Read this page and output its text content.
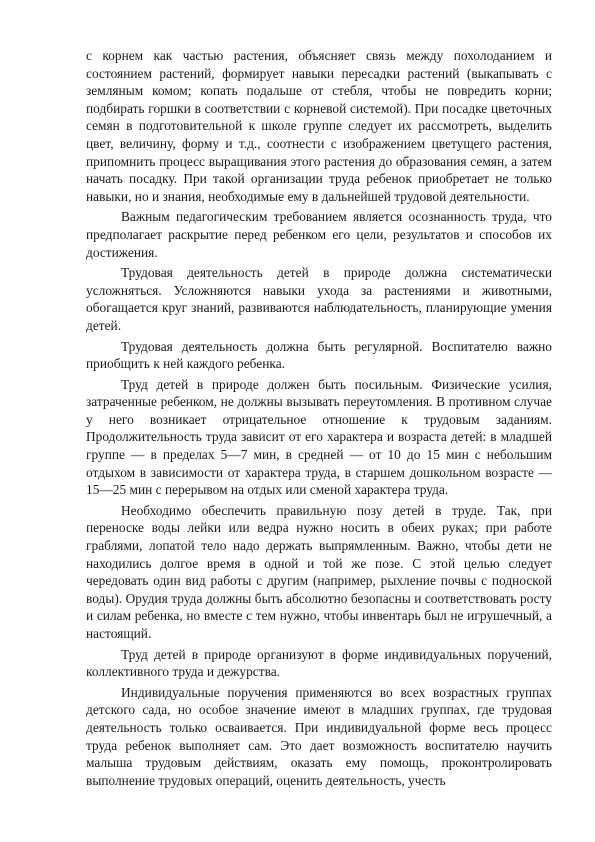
с корнем как частью растения, объясняет связь между похолоданием и состоянием растений, формирует навыки пересадки растений (выкапывать с земляным комом; копать подальше от стебля, чтобы не повредить корни; подбирать горшки в соответствии с корневой системой). При посадке цветочных семян в подготовительной к школе группе следует их рассмотреть, выделить цвет, величину, форму и т.д., соотнести с изображением цветущего растения, припомнить процесс выращивания этого растения до образования семян, а затем начать посадку. При такой организации труда ребенок приобретает не только навыки, но и знания, необходимые ему в дальнейшей трудовой деятельности.

Важным педагогическим требованием является осознанность труда, что предполагает раскрытие перед ребенком его цели, результатов и способов их достижения.

Трудовая деятельность детей в природе должна систематически усложняться. Усложняются навыки ухода за растениями и животными, обогащается круг знаний, развиваются наблюдательность, планирующие умения детей.

Трудовая деятельность должна быть регулярной. Воспитателю важно приобщить к ней каждого ребенка.

Труд детей в природе должен быть посильным. Физические усилия, затраченные ребенком, не должны вызывать переутомления. В противном случае у него возникает отрицательное отношение к трудовым заданиям. Продолжительность труда зависит от его характера и возраста детей: в младшей группе — в пределах 5—7 мин, в средней — от 10 до 15 мин с небольшим отдыхом в зависимости от характера труда, в старшем дошкольном возрасте — 15—25 мин с перерывом на отдых или сменой характера труда.

Необходимо обеспечить правильную позу детей в труде. Так, при переноске воды лейки или ведра нужно носить в обеих руках; при работе граблями, лопатой тело надо держать выпрямленным. Важно, чтобы дети не находились долгое время в одной и той же позе. С этой целью следует чередовать один вид работы с другим (например, рыхление почвы с подноской воды). Орудия труда должны быть абсолютно безопасны и соответствовать росту и силам ребенка, но вместе с тем нужно, чтобы инвентарь был не игрушечный, а настоящий.

Труд детей в природе организуют в форме индивидуальных поручений, коллективного труда и дежурства.

Индивидуальные поручения применяются во всех возрастных группах детского сада, но особое значение имеют в младших группах, где трудовая деятельность только осваивается. При индивидуальной форме весь процесс труда ребенок выполняет сам. Это дает возможность воспитателю научить малыша трудовым действиям, оказать ему помощь, проконтролировать выполнение трудовых операций, оценить деятельность, учесть
